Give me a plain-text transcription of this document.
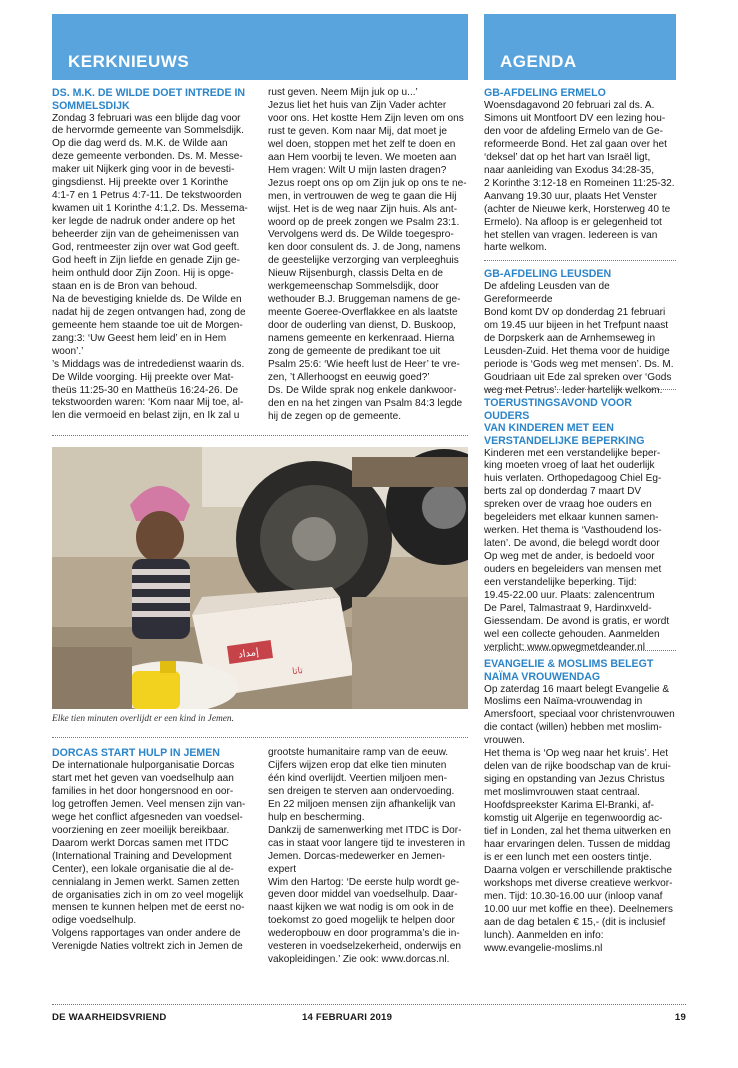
KERKNIEUWS	AGENDA
DS. M.K. DE WILDE DOET INTREDE IN
SOMMELSDIJK

Zondag 3 februari was een blijde dag voor
de hervormde gemeente van Sommelsdijk.
Op die dag werd ds. M.K. de Wilde aan
deze gemeente verbonden. Ds. M. Messe-
maker uit Nijkerk ging voor in de bevesti-
gingsdienst. Hij preekte over 1 Korinthe
4:1-7 en 1 Petrus 4:7-11. De tekstwoorden
kwamen uit 1 Korinthe 4:1,2. Ds. Messema-
ker legde de nadruk onder andere op het
beheerder zijn van de geheimenissen van
God, rentmeester zijn over wat God geeft.
God heeft in Zijn liefde en genade Zijn ge-
heim onthuld door Zijn Zoon. Hij is opge-
staan en is de Bron van behoud.
Na de bevestiging knielde ds. De Wilde en
nadat hij de zegen ontvangen had, zong de
gemeente hem staande toe uit de Morgen-
zang:3: ‘Uw Geest hem leid’ en in Hem
woon’.’
’s Middags was de intrededienst waarin ds.
De Wilde voorging. Hij preekte over Mat-
theüs 11:25-30 en Mattheüs 16:24-26. De
tekstwoorden waren: ‘Kom naar Mij toe, al-
len die vermoeid en belast zijn, en Ik zal u

rust geven. Neem Mijn juk op u...’
Jezus liet het huis van Zijn Vader achter
voor ons. Het kostte Hem Zijn leven om ons
rust te geven. Kom naar Mij, dat moet je
wel doen, stoppen met het zelf te doen en
aan Hem voorbij te leven. We moeten aan
Hem vragen: Wilt U mijn lasten dragen?
Jezus roept ons op om Zijn juk op ons te ne-
men, in vertrouwen de weg te gaan die Hij
wijst. Het is de weg naar Zijn huis. Als ant-
woord op de preek zongen we Psalm 23:1.
Vervolgens werd ds. De Wilde toegespro-
ken door consulent ds. J. de Jong, namens
de geestelijke verzorging van verpleeghuis
Nieuw Rijsenburgh, classis Delta en de
werkgemeenschap Sommelsdijk, door
wethouder B.J. Bruggeman namens de ge-
meente Goeree-Overflakkee en als laatste
door de ouderling van dienst, D. Buskoop,
namens gemeente en kerkenraad. Hierna
zong de gemeente de predikant toe uit
Psalm 25:6: ‘Wie heeft lust de Heer’ te vre-
zen, ’t Allerhoogst en eeuwig goed?’
Ds. De Wilde sprak nog enkele dankwoor-
den en na het zingen van Psalm 84:3 legde
hij de zegen op de gemeente.

إمداد
تاتا
Elke tien minuten overlijdt er een kind in Jemen.
DORCAS START HULP IN JEMEN

De internationale hulporganisatie Dorcas
start met het geven van voedselhulp aan
families in het door hongersnood en oor-
log getroffen Jemen. Veel mensen zijn van-
wege het conflict afgesneden van voedsel-
voorziening en zeer moeilijk bereikbaar.
Daarom werkt Dorcas samen met ITDC
(International Training and Development
Center), een lokale organisatie die al de-
cennialang in Jemen werkt. Samen zetten
de organisaties zich in om zo veel mogelijk
mensen te kunnen helpen met de eerst no-
odige voedselhulp.
Volgens rapportages van onder andere de
Verenigde Naties voltrekt zich in Jemen de

grootste humanitaire ramp van de eeuw.
Cijfers wijzen erop dat elke tien minuten
één kind overlijdt. Veertien miljoen men-
sen dreigen te sterven aan ondervoeding.
En 22 miljoen mensen zijn afhankelijk van
hulp en bescherming.
Dankzij de samenwerking met ITDC is Dor-
cas in staat voor langere tijd te investeren in
Jemen. Dorcas-medewerker en Jemen-expert
Wim den Hartog: ‘De eerste hulp wordt ge-
geven door middel van voedselhulp. Daar-
naast kijken we wat nodig is om ook in de
toekomst zo goed mogelijk te helpen door
wederopbouw en door programma’s die in-
vesteren in voedselzekerheid, onderwijs en
vakopleidingen.’ Zie ook: www.dorcas.nl.

GB-AFDELING ERMELO

Woensdagavond 20 februari zal ds. A.
Simons uit Montfoort DV een lezing hou-
den voor de afdeling Ermelo van de Ge-
reformeerde Bond. Het zal gaan over het
‘deksel’ dat op het hart van Israël ligt,
naar aanleiding van Exodus 34:28-35,
2 Korinthe 3:12-18 en Romeinen 11:25-32.
Aanvang 19.30 uur, plaats Het Venster
(achter de Nieuwe kerk, Horsterweg 40 te
Ermelo). Na afloop is er gelegenheid tot
het stellen van vragen. Iedereen is van
harte welkom.

GB-AFDELING LEUSDEN

De afdeling Leusden van de Gereformeerde
Bond komt DV op donderdag 21 februari
om 19.45 uur bijeen in het Trefpunt naast
de Dorpskerk aan de Arnhemseweg in
Leusden-Zuid. Het thema voor de huidige
periode is ‘Gods weg met mensen’. Ds. M.
Goudriaan uit Ede zal spreken over ‘Gods
weg met Petrus’. Ieder hartelijk welkom.

TOERUSTINGSAVOND VOOR OUDERS
VAN KINDEREN MET EEN
VERSTANDELIJKE BEPERKING

Kinderen met een verstandelijke beper-
king moeten vroeg of laat het ouderlijk
huis verlaten. Orthopedagoog Chiel Eg-
berts zal op donderdag 7 maart DV
spreken over de vraag hoe ouders en
begeleiders met elkaar kunnen samen-
werken. Het thema is ‘Vasthoudend los-
laten’. De avond, die belegd wordt door
Op weg met de ander, is bedoeld voor
ouders en begeleiders van mensen met
een verstandelijke beperking. Tijd:
19.45-22.00 uur. Plaats: zalencentrum
De Parel, Talmastraat 9, Hardinxveld-
Giessendam. De avond is gratis, er wordt
wel een collecte gehouden. Aanmelden
verplicht: www.opwegmetdeander.nl

EVANGELIE & MOSLIMS BELEGT
NAÏMA VROUWENDAG

Op zaterdag 16 maart belegt Evangelie &
Moslims een Naïma-vrouwendag in
Amersfoort, speciaal voor christenvrouwen
die contact (willen) hebben met moslim-
vrouwen.
Het thema is ‘Op weg naar het kruis’. Het
delen van de rijke boodschap van de krui-
siging en opstanding van Jezus Christus
met moslimvrouwen staat centraal.
Hoofdspreekster Karima El-Branki, af-
komstig uit Algerije en tegenwoordig ac-
tief in Londen, zal het thema uitwerken en
haar ervaringen delen. Tussen de middag
is er een lunch met een oosters tintje.
Daarna volgen er verschillende praktische
workshops met diverse creatieve werkvor-
men. Tijd: 10.30-16.00 uur (inloop vanaf
10.00 uur met koffie en thee). Deelnemers
aan de dag betalen € 15,- (dit is inclusief
lunch). Aanmelden en info:
www.evangelie-moslims.nl

DE WAARHEIDSVRIEND	14 FEBRUARI 2019	19
